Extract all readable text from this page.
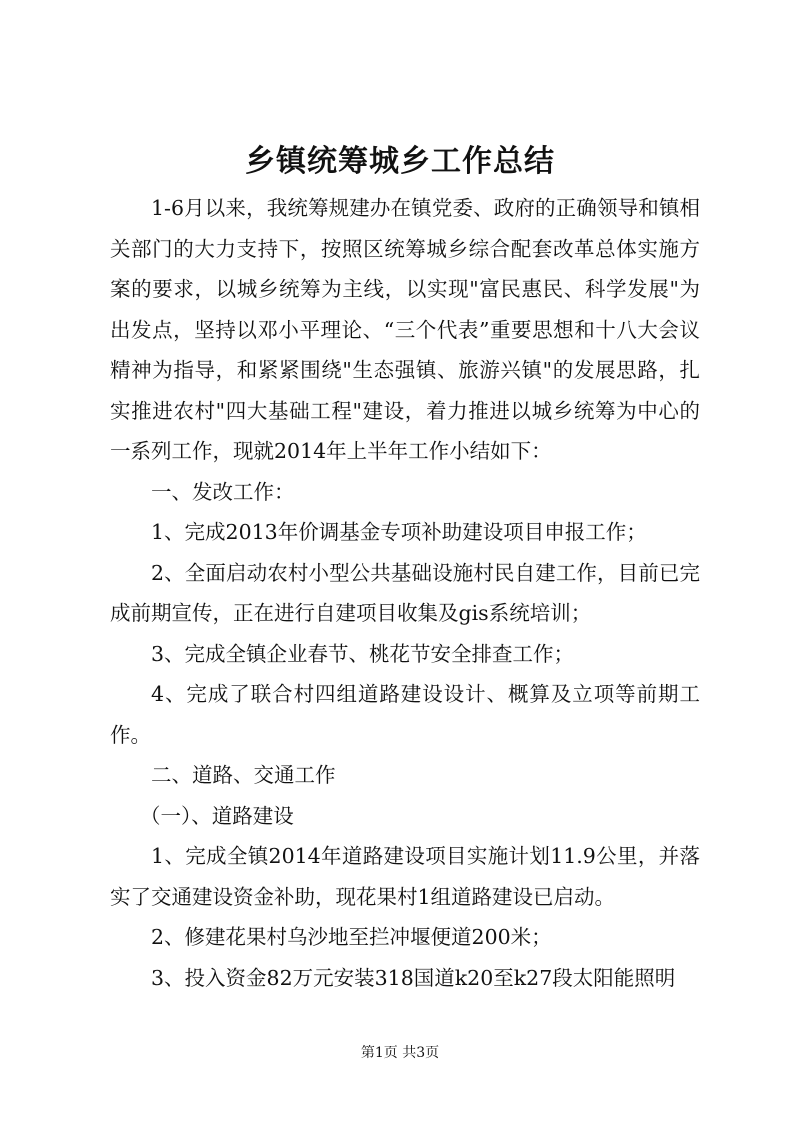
乡镇统筹城乡工作总结

1-6月以来，我统筹规建办在镇党委、政府的正确领导和镇相关部门的大力支持下，按照区统筹城乡综合配套改革总体实施方案的要求，以城乡统筹为主线，以实现"富民惠民、科学发展"为出发点，坚持以邓小平理论、“三个代表”重要思想和十八大会议精神为指导，和紧紧围绕"生态强镇、旅游兴镇"的发展思路，扎实推进农村"四大基础工程"建设，着力推进以城乡统筹为中心的一系列工作，现就2014年上半年工作小结如下：

一、发改工作：

1、完成2013年价调基金专项补助建设项目申报工作；

2、全面启动农村小型公共基础设施村民自建工作，目前已完成前期宣传，正在进行自建项目收集及gis系统培训；

3、完成全镇企业春节、桃花节安全排查工作；

4、完成了联合村四组道路建设设计、概算及立项等前期工作。

二、道路、交通工作

（一）、道路建设

1、完成全镇2014年道路建设项目实施计划11.9公里，并落实了交通建设资金补助，现花果村1组道路建设已启动。

2、修建花果村乌沙地至拦冲堰便道200米；

3、投入资金82万元安装318国道k20至k27段太阳能照明

第1页 共3页
